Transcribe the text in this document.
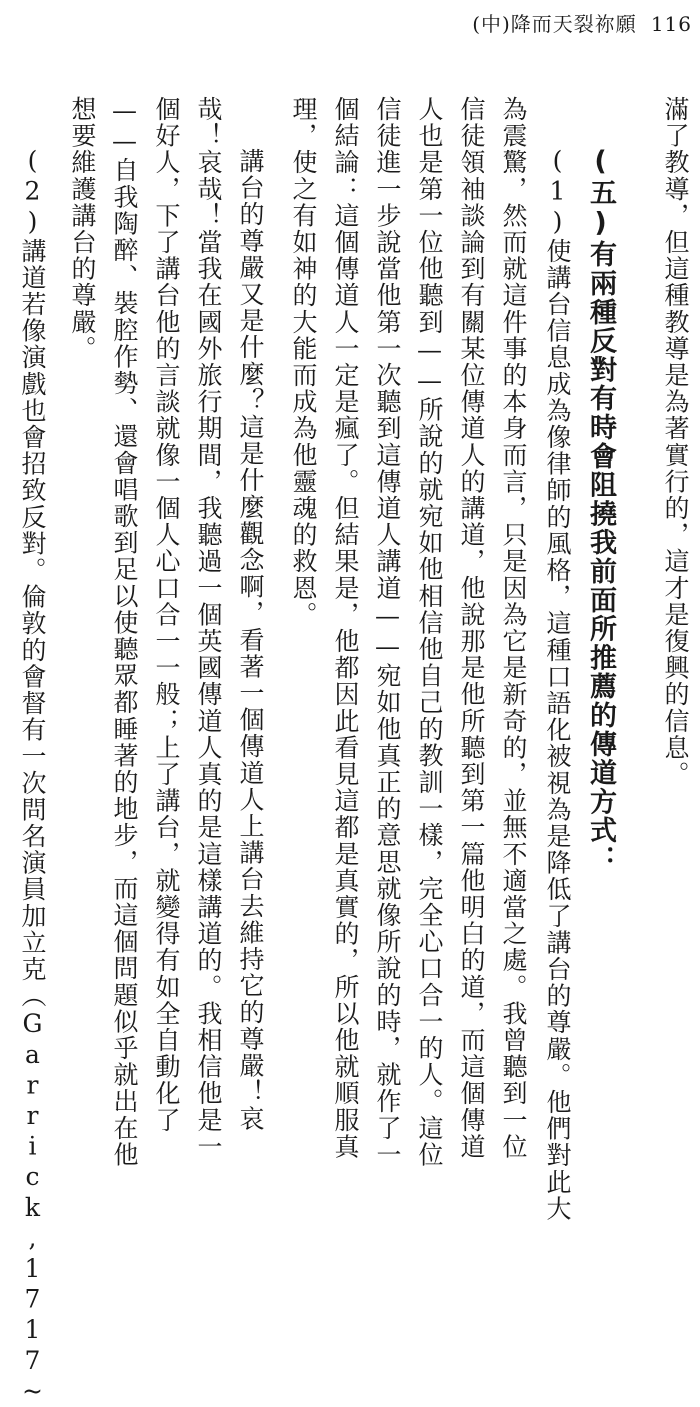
(中)降而天裂祢願 116
滿了教導，但這種教導是為著實行的，這才是復興的信息。
(五)有兩種反對有時會阻撓我前面所推薦的傳道方式：
(1)使講台信息成為像律師的風格，這種口語化被視為是降低了講台的尊嚴。他們對此大
為震驚，然而就這件事的本身而言，只是因為它是新奇的，並無不適當之處。我曾聽到一位
信徒領袖談論到有關某位傳道人的講道，他說那是他所聽到第一篇他明白的道，而這個傳道
人也是第一位他聽到——所說的就宛如他相信他自己的教訓一樣，完全心口合一的人。這位
信徒進一步說當他第一次聽到這傳道人講道——宛如他真正的意思就像所說的時，就作了一
個結論：這個傳道人一定是瘋了。但結果是，他都因此看見這都是真實的，所以他就順服真
理，使之有如神的大能而成為他靈魂的救恩。
講台的尊嚴又是什麼？這是什麼觀念啊，看著一個傳道人上講台去維持它的尊嚴！哀
哉！哀哉！當我在國外旅行期間，我聽過一個英國傳道人真的是這樣講道的。我相信他是一
個好人，下了講台他的言談就像一個人心口合一一般；上了講台，就變得有如全自動化了
——自我陶醉、裝腔作勢、還會唱歌到足以使聽眾都睡著的地步，而這個問題似乎就出在他
想要維護講台的尊嚴。
(2)講道若像演戲也會招致反對。倫敦的會督有一次問名演員加立克（Garrick,1717~
